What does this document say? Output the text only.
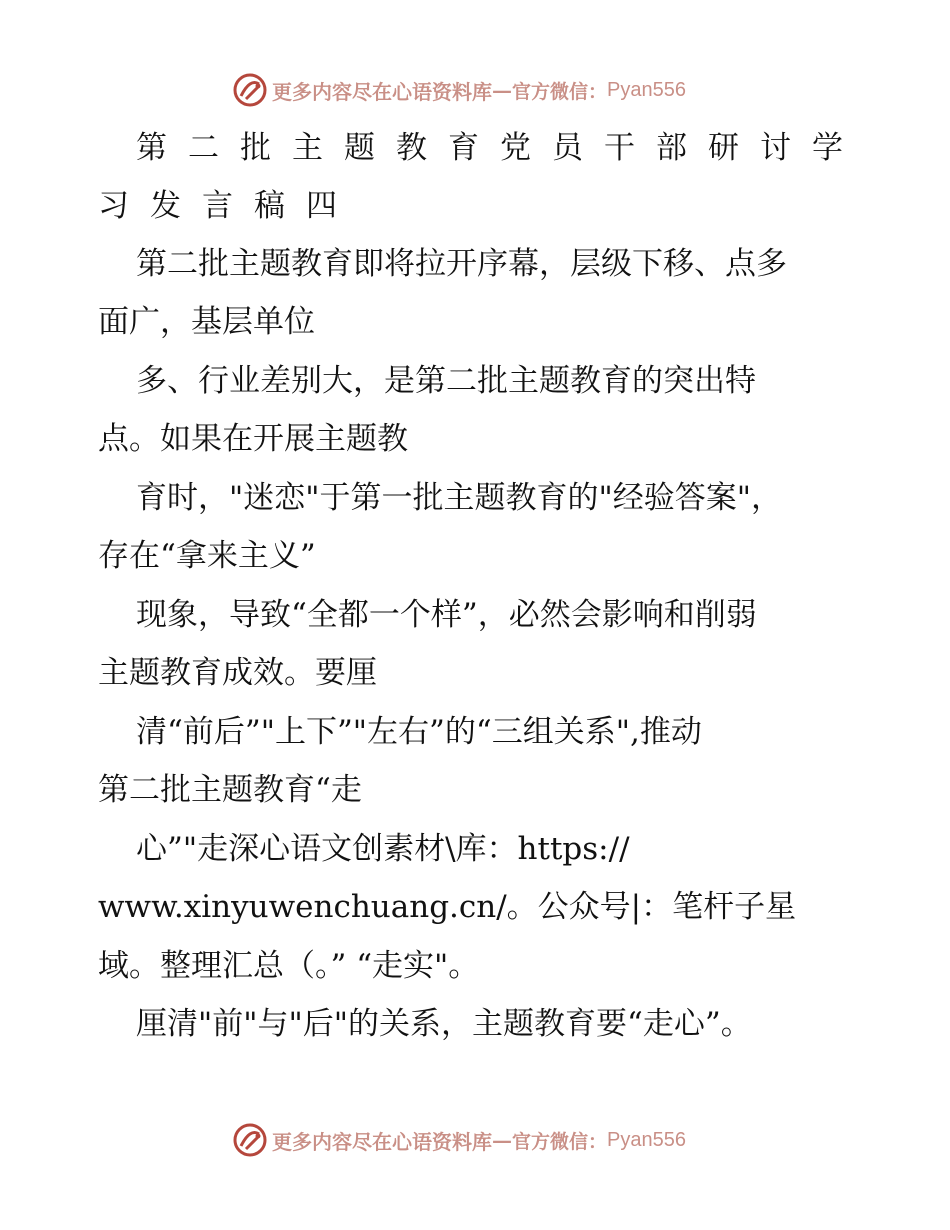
更多内容尽在心语资料库 — 官方微信： Pyan556

第二批主题教育党员干部研讨学

习发言稿四

第二批主题教育即将拉开序幕，层级下移、点多

面广，基层单位

多、行业差别大，是第二批主题教育的突出特

点。如果在开展主题教

育时，"迷恋"于第一批主题教育的"经验答案"，

存在“拿来主义”

现象，导致“全都一个样”，必然会影响和削弱

主题教育成效。要厘

清“前后”"上下”"左右”的“三组关系",推动

第二批主题教育“走

心”"走深心语文创素材\库：https://

www.xinyuwenchuang.cn/。公众号|：笔杆子星

域。整理汇总（。” “走实"。

厘清"前"与"后"的关系，主题教育要“走心”。

更多内容尽在心语资料库 — 官方微信： Pyan556
